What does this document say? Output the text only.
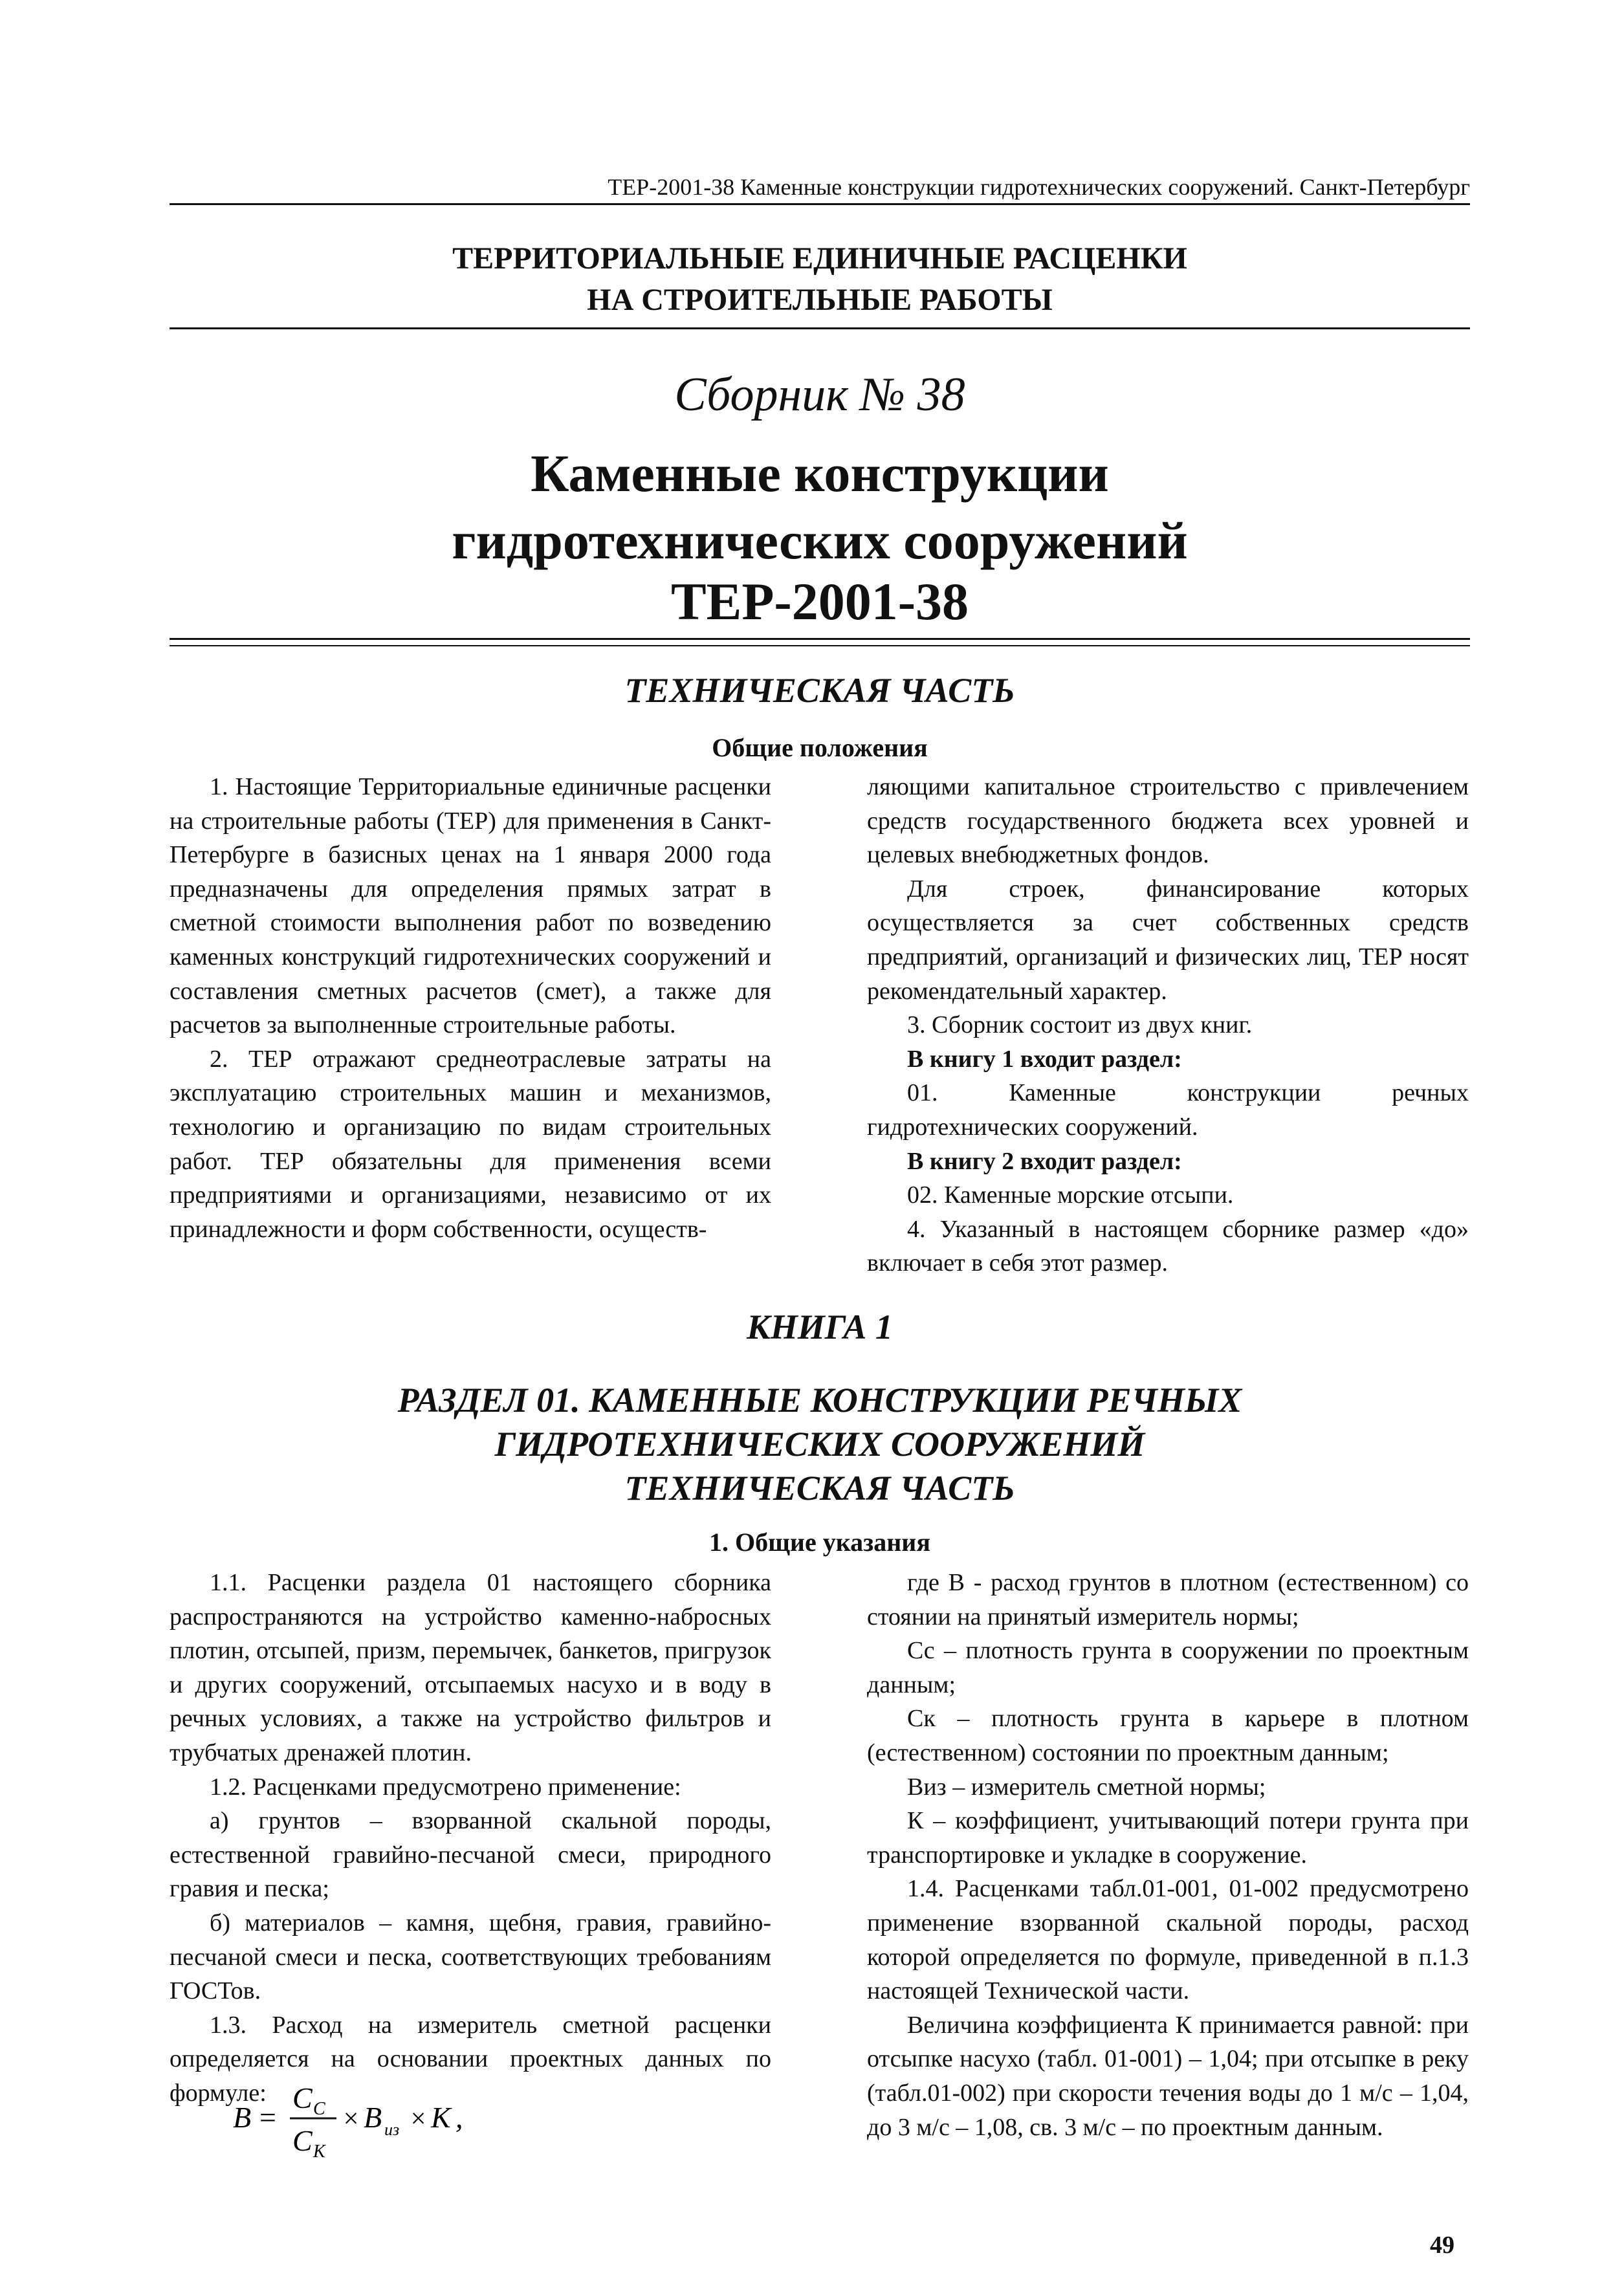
ТЕР-2001-38 Каменные конструкции гидротехнических сооружений. Санкт-Петербург
ТЕРРИТОРИАЛЬНЫЕ ЕДИНИЧНЫЕ РАСЦЕНКИ
НА СТРОИТЕЛЬНЫЕ РАБОТЫ
Сборник № 38
Каменные конструкции
гидротехнических сооружений
ТЕР-2001-38
ТЕХНИЧЕСКАЯ ЧАСТЬ
Общие положения

1. Настоящие Территориальные единичные расценки на строительные работы (ТЕР) для применения в Санкт-Петербурге в базисных ценах на 1 января 2000 года предназначены для определения прямых затрат в сметной стоимости выполнения работ по возведению каменных конструкций гидротехнических сооружений и составления сметных расчетов (смет), а также для расчетов за выполненные строительные работы.

2. ТЕР отражают среднеотраслевые затраты на эксплуатацию строительных машин и механизмов, технологию и организацию по видам строительных работ. ТЕР обязательны для применения всеми предприятиями и организациями, независимо от их принадлежности и форм собственности, осуществ-

ляющими капитальное строительство с привлечением средств государственного бюджета всех уровней и целевых внебюджетных фондов.

Для строек, финансирование которых осуществляется за счет собственных средств предприятий, организаций и физических лиц, ТЕР носят рекомендательный характер.

3. Сборник состоит из двух книг.

В книгу 1 входит раздел:

01. Каменные конструкции речных гидротехнических сооружений.

В книгу 2 входит раздел:

02. Каменные морские отсыпи.

4. Указанный в настоящем сборнике размер «до» включает в себя этот размер.

КНИГА 1
РАЗДЕЛ 01. КАМЕННЫЕ КОНСТРУКЦИИ РЕЧНЫХ
ГИДРОТЕХНИЧЕСКИХ СООРУЖЕНИЙ
ТЕХНИЧЕСКАЯ ЧАСТЬ
1. Общие указания

1.1. Расценки раздела 01 настоящего сборника распространяются на устройство каменно-набросных плотин, отсыпей, призм, перемычек, банкетов, пригрузок и других сооружений, отсыпаемых насухо и в воду в речных условиях, а также на устройство фильтров и трубчатых дренажей плотин.

1.2. Расценками предусмотрено применение:

а) грунтов – взорванной скальной породы, естественной гравийно-песчаной смеси, природного гравия и песка;

б) материалов – камня, щебня, гравия, гравийно-песчаной смеси и песка, соответствующих требованиям ГОСТов.

1.3. Расход на измеритель сметной расценки определяется на основании проектных данных по формуле:

B =
C C
C K
× B из × K ,

где В - расход грунтов в плотном (естественном) со стоянии на принятый измеритель нормы;

Сс – плотность грунта в сооружении по проектным данным;

Ск – плотность грунта в карьере в плотном (естественном) состоянии по проектным данным;

Виз – измеритель сметной нормы;

К – коэффициент, учитывающий потери грунта при транспортировке и укладке в сооружение.

1.4. Расценками табл.01-001, 01-002 предусмотрено применение взорванной скальной породы, расход которой определяется по формуле, приведенной в п.1.3 настоящей Технической части.

Величина коэффициента К принимается равной: при отсыпке насухо (табл. 01-001) – 1,04; при отсыпке в реку (табл.01-002) при скорости течения воды до 1 м/с – 1,04, до 3 м/с – 1,08, св. 3 м/с – по проектным данным.

49
